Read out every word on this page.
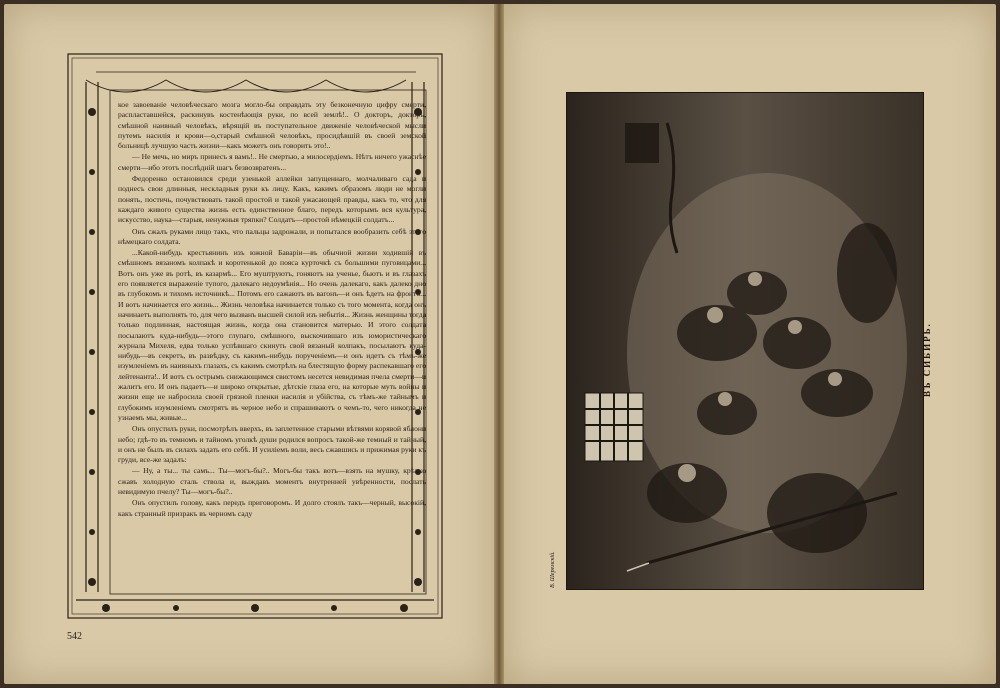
кое завоеваніе человѣческаго мозга могло-бы оправдать эту безконечную цифру смерти, распластавшейся, раскинувъ костенѣющія руки, по всей землѣ!.. О докторъ, докторъ, смѣшной наивный человѣкъ, вѣрящій въ поступательное движеніе человѣческой мысли путемъ насилія и крови—о,старый смѣшной человѣкъ, просидѣвшій въ своей земской больницѣ лучшую часть жизни—какъ можетъ онъ говорить это!..

— Не мечь, но миръ принесъ я вамъ!.. Не смертью, а милосердіемъ. Нѣтъ ничего ужаснѣе смерти—ибо этотъ послѣдній шагъ безвозвратенъ...

Федоренко остановился среди узенькой аллейки запущеннаго, молчаливаго сада и поднесъ свои длинныя, нескладныя руки къ лицу. Какъ, какимъ образомъ люди не могли понять, постичь, почувствовать такой простой и такой ужасающей правды, какъ то, что для каждаго живого существа жизнь есть единственное благо, передъ которымъ вся культура, искусство, наука—старыя, ненужныя тряпки? Солдатъ—простой нѣмецкій солдатъ...

Онъ сжалъ руками лицо такъ, что пальцы задрожали, и попытался вообразить себѣ этого нѣмецкаго солдата.

...Какой-нибудь крестьянинъ изъ южной Баваріи—въ обычной жизни ходившій въ смѣшномъ вязаномъ колпакѣ и коротенькой до пояса курточкѣ съ большими пуговицами... Вотъ онъ уже въ ротѣ, въ казармѣ... Его муштруютъ, гоняютъ на ученье, бьютъ и въ глазахъ его появляется выраженіе тупого, далекаго недоумѣнія... Но очень далекаго, какъ далеко дно въ глубокомъ и тихомъ источникѣ... Потомъ его сажаютъ въ вагонъ—и онъ ѣдетъ на фронтъ... И вотъ начинается его жизнь... Жизнь человѣка начинается только съ того момента, когда онъ начинаетъ выполнять то, для чего вызванъ высшей силой изъ небытія... Жизнь женщины тогда только подлинная, настоящая жизнь, когда она становится матерью. И этого солдата посылаютъ куда-нибудь—этого глупаго, смѣшного, выскочившаго изъ юмористическаго журнала Михеля, едва только успѣвшаго скинуть свой вязаный колпакъ, посылаютъ куда-нибудь—въ секретъ, въ развѣдку, съ какимъ-нибудь порученіемъ—и онъ идетъ съ тѣмъ-же изумленіемъ въ наивныхъ глазахъ, съ какимъ смотрѣлъ на блестящую форму распекавшаго его лейтенанта!.. И вотъ съ острымъ снижающимся свистомъ несется невидимая пчела смерти—и жалитъ его. И онъ падаетъ—и широко открытые, дѣтскіе глаза его, на которые муть войны и жизни еще не набросила своей грязной пленки насилія и убійства, съ тѣмъ-же тайнымъ и глубокимъ изумленіемъ смотрятъ въ черное небо и спрашиваютъ о чемъ-то, чего никогда не узнаемъ мы, живые...

Онъ опустилъ руки, посмотрѣлъ вверхъ, въ заплетенное старыми вѣтвями корявой яблони небо; гдѣ-то въ темномъ и тайномъ уголкѣ души родился вопросъ такой-же темный и тайный, и онъ не былъ въ силахъ задать его себѣ. И усиліемъ воли, весь сжавшись и прижимая руки къ груди, все-же задалъ:

— Ну, а ты... ты самъ... Ты—могъ-бы?.. Могъ-бы такъ вотъ—взять на мушку, крѣпко сжавъ холодную сталь ствола и, выждавъ моментъ внутренней увѣренности, послать невидимую пчелу? Ты—могъ-бы?..

Онъ опустилъ голову, какъ передъ приговоромъ. И долго стоялъ такъ—черный, высокій, какъ странный призракъ въ черномъ саду

542
ВЪ СИБИРЬ.
В. Шеремскій.
